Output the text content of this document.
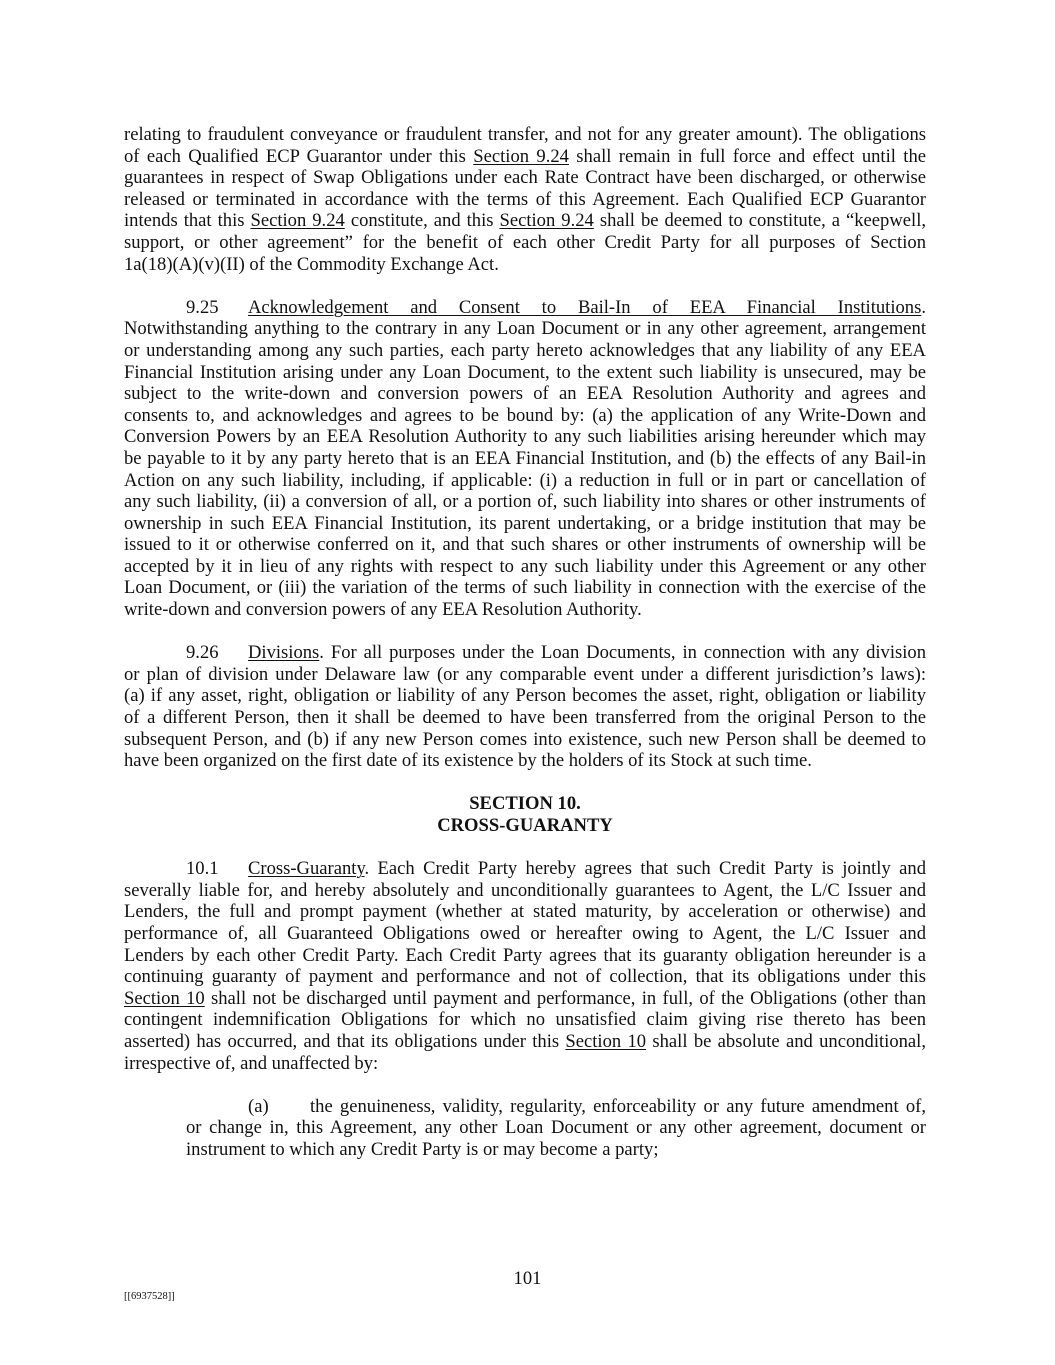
relating to fraudulent conveyance or fraudulent transfer, and not for any greater amount). The obligations
of each Qualified ECP Guarantor under this Section 9.24 shall remain in full force and effect until the
guarantees in respect of Swap Obligations under each Rate Contract have been discharged, or otherwise
released or terminated in accordance with the terms of this Agreement. Each Qualified ECP Guarantor
intends that this Section 9.24 constitute, and this Section 9.24 shall be deemed to constitute, a “keepwell,
support, or other agreement” for the benefit of each other Credit Party for all purposes of Section
1a(18)(A)(v)(II) of the Commodity Exchange Act.
9.25 Acknowledgement and Consent to Bail-In of EEA Financial Institutions.
Notwithstanding anything to the contrary in any Loan Document or in any other agreement, arrangement
or understanding among any such parties, each party hereto acknowledges that any liability of any EEA
Financial Institution arising under any Loan Document, to the extent such liability is unsecured, may be
subject to the write-down and conversion powers of an EEA Resolution Authority and agrees and
consents to, and acknowledges and agrees to be bound by: (a) the application of any Write-Down and
Conversion Powers by an EEA Resolution Authority to any such liabilities arising hereunder which may
be payable to it by any party hereto that is an EEA Financial Institution, and (b) the effects of any Bail-in
Action on any such liability, including, if applicable: (i) a reduction in full or in part or cancellation of
any such liability, (ii) a conversion of all, or a portion of, such liability into shares or other instruments of
ownership in such EEA Financial Institution, its parent undertaking, or a bridge institution that may be
issued to it or otherwise conferred on it, and that such shares or other instruments of ownership will be
accepted by it in lieu of any rights with respect to any such liability under this Agreement or any other
Loan Document, or (iii) the variation of the terms of such liability in connection with the exercise of the
write-down and conversion powers of any EEA Resolution Authority.
9.26 Divisions. For all purposes under the Loan Documents, in connection with any division
or plan of division under Delaware law (or any comparable event under a different jurisdiction’s laws):
(a) if any asset, right, obligation or liability of any Person becomes the asset, right, obligation or liability
of a different Person, then it shall be deemed to have been transferred from the original Person to the
subsequent Person, and (b) if any new Person comes into existence, such new Person shall be deemed to
have been organized on the first date of its existence by the holders of its Stock at such time.
SECTION 10.
CROSS-GUARANTY
10.1 Cross-Guaranty. Each Credit Party hereby agrees that such Credit Party is jointly and
severally liable for, and hereby absolutely and unconditionally guarantees to Agent, the L/C Issuer and
Lenders, the full and prompt payment (whether at stated maturity, by acceleration or otherwise) and
performance of, all Guaranteed Obligations owed or hereafter owing to Agent, the L/C Issuer and
Lenders by each other Credit Party. Each Credit Party agrees that its guaranty obligation hereunder is a
continuing guaranty of payment and performance and not of collection, that its obligations under this
Section 10 shall not be discharged until payment and performance, in full, of the Obligations (other than
contingent indemnification Obligations for which no unsatisfied claim giving rise thereto has been
asserted) has occurred, and that its obligations under this Section 10 shall be absolute and unconditional,
irrespective of, and unaffected by:
(a) the genuineness, validity, regularity, enforceability or any future amendment of,
or change in, this Agreement, any other Loan Document or any other agreement, document or
instrument to which any Credit Party is or may become a party;
101
[[6937528]]
